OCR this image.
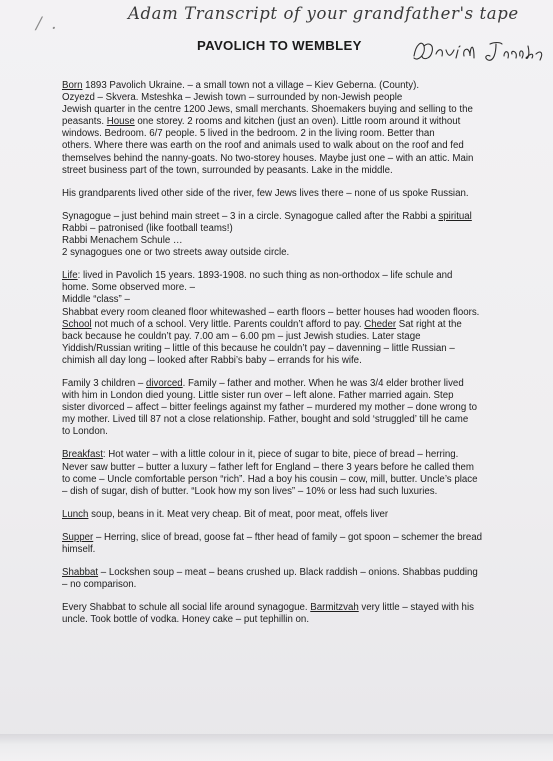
/ .
Adam Transcript of your grandfather's tape
PAVOLICH TO WEMBLEY
Born 1893 Pavolich Ukraine. – a small town not a village – Kiev Geberna. (County).
Ozyezd – Skvera. Msteshka – Jewish town – surrounded by non-Jewish people
Jewish quarter in the centre 1200 Jews, small merchants. Shoemakers buying and selling to the
peasants. House one storey. 2 rooms and kitchen (just an oven). Little room around it without
windows. Bedroom. 6/7 people. 5 lived in the bedroom. 2 in the living room. Better than
others. Where there was earth on the roof and animals used to walk about on the roof and fed
themselves behind the nanny-goats. No two-storey houses. Maybe just one – with an attic. Main
street business part of the town, surrounded by peasants. Lake in the middle.
His grandparents lived other side of the river, few Jews lives there – none of us spoke Russian.
Synagogue – just behind main street – 3 in a circle. Synagogue called after the Rabbi a spiritual
Rabbi – patronised (like football teams!)
Rabbi Menachem Schule …
2 synagogues one or two streets away outside circle.
Life: lived in Pavolich 15 years. 1893-1908. no such thing as non-orthodox – life schule and
home. Some observed more. –
Middle “class” –
Shabbat every room cleaned floor whitewashed – earth floors – better houses had wooden floors.
School not much of a school. Very little. Parents couldn’t afford to pay. Cheder Sat right at the
back because he couldn’t pay. 7.00 am – 6.00 pm – just Jewish studies. Later stage
Yiddish/Russian writing – little of this because he couldn’t pay – davenning – little Russian –
chimish all day long – looked after Rabbi’s baby – errands for his wife.
Family 3 children – divorced. Family – father and mother. When he was 3/4 elder brother lived
with him in London died young. Little sister run over – left alone. Father married again. Step
sister divorced – affect – bitter feelings against my father – murdered my mother – done wrong to
my mother. Lived till 87 not a close relationship. Father, bought and sold ‘struggled’ till he came
to London.
Breakfast: Hot water – with a little colour in it, piece of sugar to bite, piece of bread – herring.
Never saw butter – butter a luxury – father left for England – there 3 years before he called them
to come – Uncle comfortable person “rich”. Had a boy his cousin – cow, mill, butter. Uncle’s place
– dish of sugar, dish of butter. “Look how my son lives” – 10% or less had such luxuries.
Lunch soup, beans in it. Meat very cheap. Bit of meat, poor meat, offels liver
Supper – Herring, slice of bread, goose fat – fther head of family – got spoon – schemer the bread
himself.
Shabbat – Lockshen soup – meat – beans crushed up. Black raddish – onions. Shabbas pudding
– no comparison.
Every Shabbat to schule all social life around synagogue. Barmitzvah very little – stayed with his
uncle. Took bottle of vodka. Honey cake – put tephillin on.
